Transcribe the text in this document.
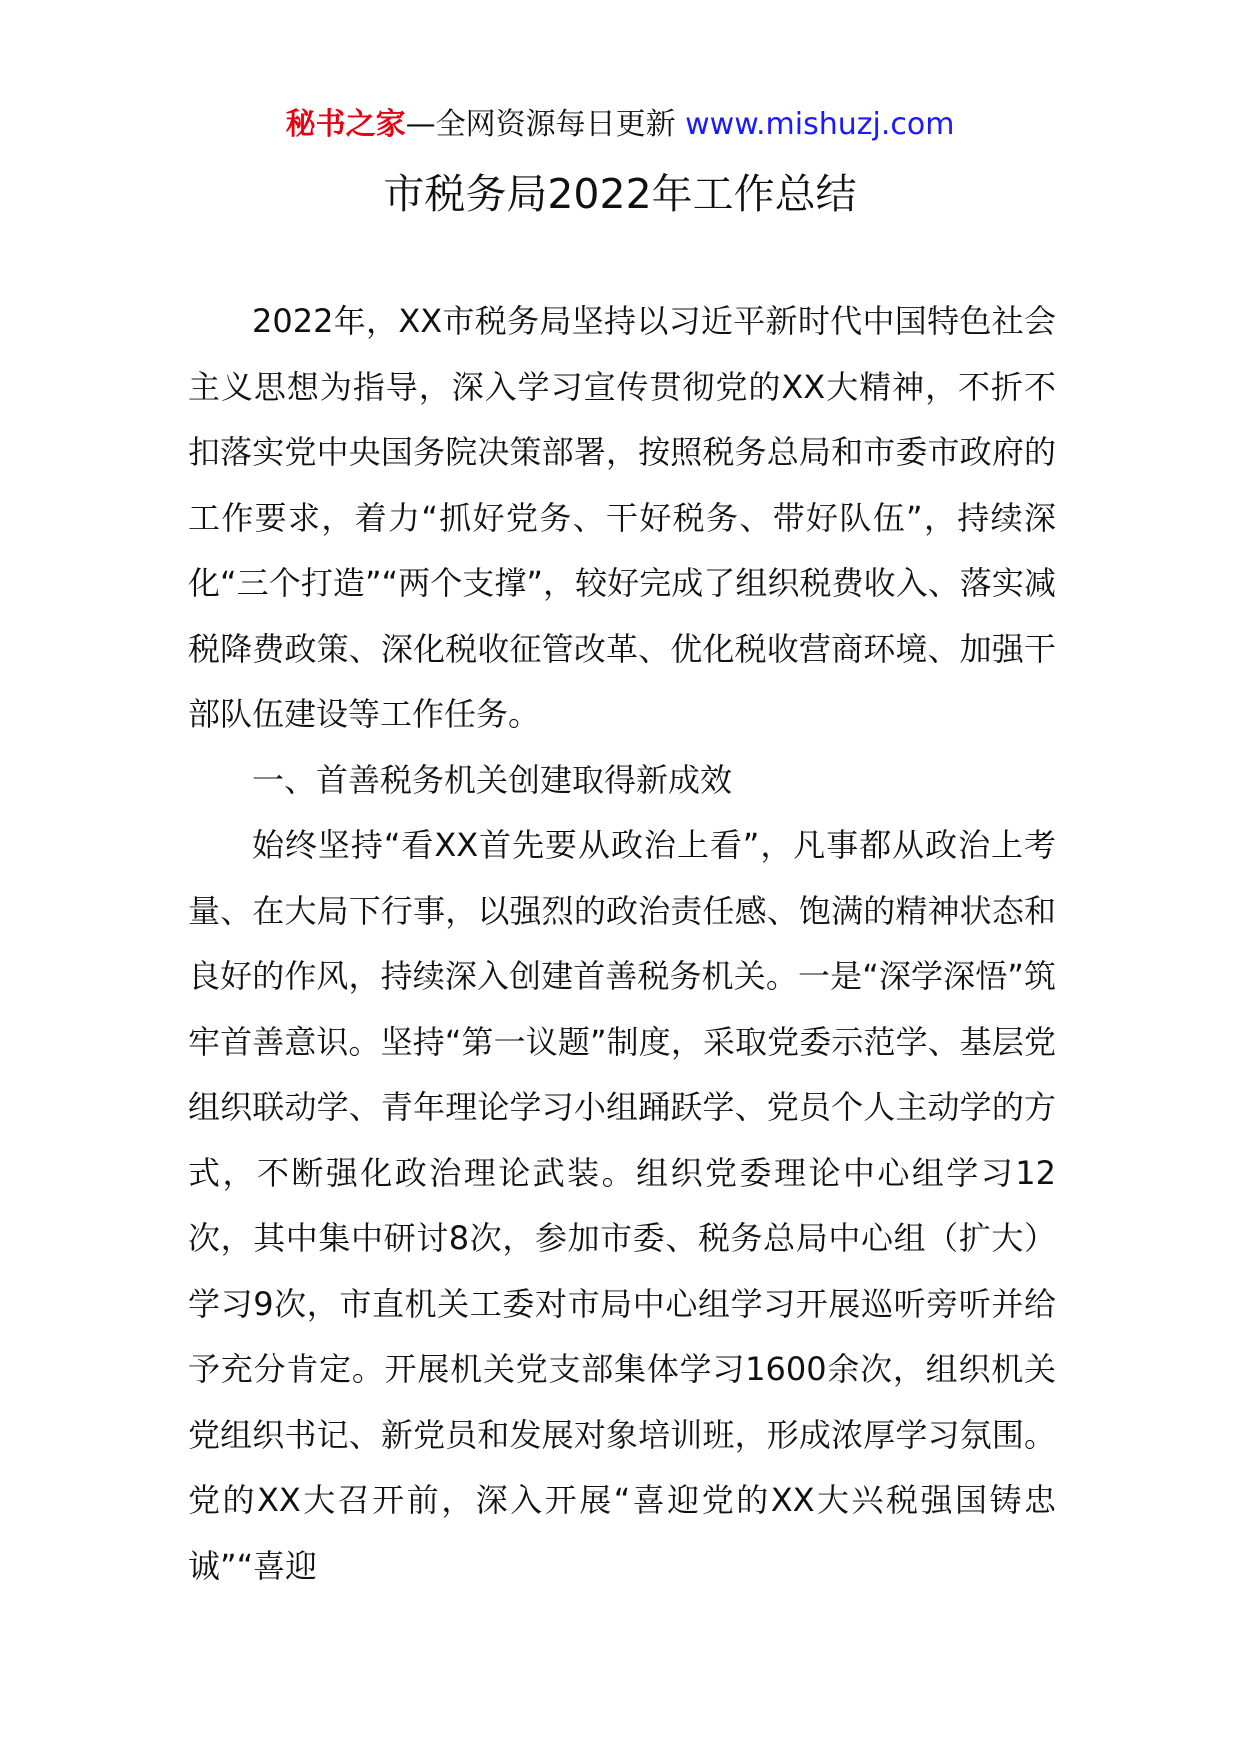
秘书之家—全网资源每日更新 www.mishuzj.com
市税务局2022年工作总结

2022年，XX市税务局坚持以习近平新时代中国特色社会主义思想为指导，深入学习宣传贯彻党的XX大精神，不折不扣落实党中央国务院决策部署，按照税务总局和市委市政府的工作要求，着力“抓好党务、干好税务、带好队伍”，持续深化“三个打造”“两个支撑”，较好完成了组织税费收入、落实减税降费政策、深化税收征管改革、优化税收营商环境、加强干部队伍建设等工作任务。

一、首善税务机关创建取得新成效

始终坚持“看XX首先要从政治上看”，凡事都从政治上考量、在大局下行事，以强烈的政治责任感、饱满的精神状态和良好的作风，持续深入创建首善税务机关。一是“深学深悟”筑牢首善意识。坚持“第一议题”制度，采取党委示范学、基层党组织联动学、青年理论学习小组踊跃学、党员个人主动学的方式，不断强化政治理论武装。组织党委理论中心组学习12次，其中集中研讨8次，参加市委、税务总局中心组（扩大）学习9次，市直机关工委对市局中心组学习开展巡听旁听并给予充分肯定。开展机关党支部集体学习1600余次，组织机关党组织书记、新党员和发展对象培训班，形成浓厚学习氛围。党的XX大召开前，深入开展“喜迎党的XX大兴税强国铸忠诚”“喜迎
